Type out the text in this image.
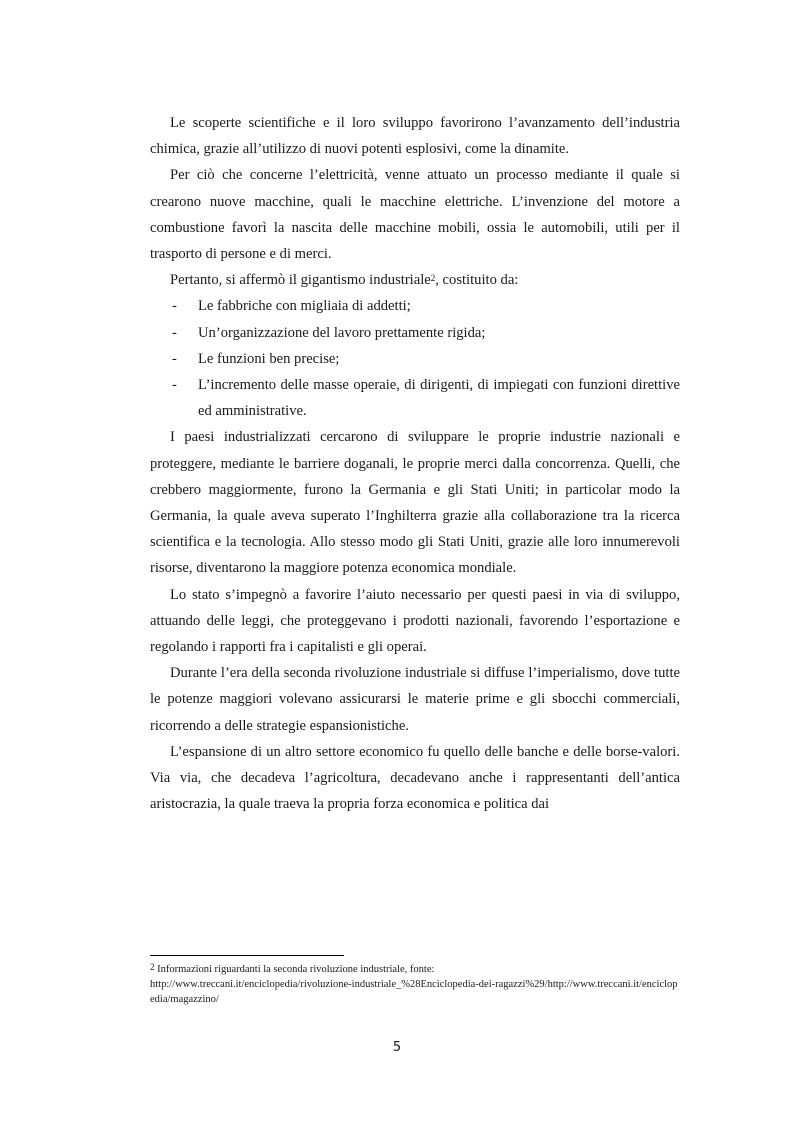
Le scoperte scientifiche e il loro sviluppo favorirono l’avanzamento dell’industria chimica, grazie all’utilizzo di nuovi potenti esplosivi, come la dinamite.

Per ciò che concerne l’elettricità, venne attuato un processo mediante il quale si crearono nuove macchine, quali le macchine elettriche. L’invenzione del motore a combustione favorì la nascita delle macchine mobili, ossia le automobili, utili per il trasporto di persone e di merci.

Pertanto, si affermò il gigantismo industriale$^2$, costituito da:

- Le fabbriche con migliaia di addetti;
- Un’organizzazione del lavoro prettamente rigida;
- Le funzioni ben precise;
- L’incremento delle masse operaie, di dirigenti, di impiegati con funzioni direttive ed amministrative.

I paesi industrializzati cercarono di sviluppare le proprie industrie nazionali e proteggere, mediante le barriere doganali, le proprie merci dalla concorrenza. Quelli, che crebbero maggiormente, furono la Germania e gli Stati Uniti; in particolar modo la Germania, la quale aveva superato l’Inghilterra grazie alla collaborazione tra la ricerca scientifica e la tecnologia. Allo stesso modo gli Stati Uniti, grazie alle loro innumerevoli risorse, diventarono la maggiore potenza economica mondiale.

Lo stato s’impegnò a favorire l’aiuto necessario per questi paesi in via di sviluppo, attuando delle leggi, che proteggevano i prodotti nazionali, favorendo l’esportazione e regolando i rapporti fra i capitalisti e gli operai.

Durante l’era della seconda rivoluzione industriale si diffuse l’imperialismo, dove tutte le potenze maggiori volevano assicurarsi le materie prime e gli sbocchi commerciali, ricorrendo a delle strategie espansionistiche.

L’espansione di un altro settore economico fu quello delle banche e delle borse-valori. Via via, che decadeva l’agricoltura, decadevano anche i rappresentanti dell’antica aristocrazia, la quale traeva la propria forza economica e politica dai

$^2$ Informazioni riguardanti la seconda rivoluzione industriale, fonte:
http://www.treccani.it/enciclopedia/rivoluzione-industriale_%28Enciclopedia-dei-ragazzi%29/http://www.treccani.it/enciclopedia/magazzino/
5
